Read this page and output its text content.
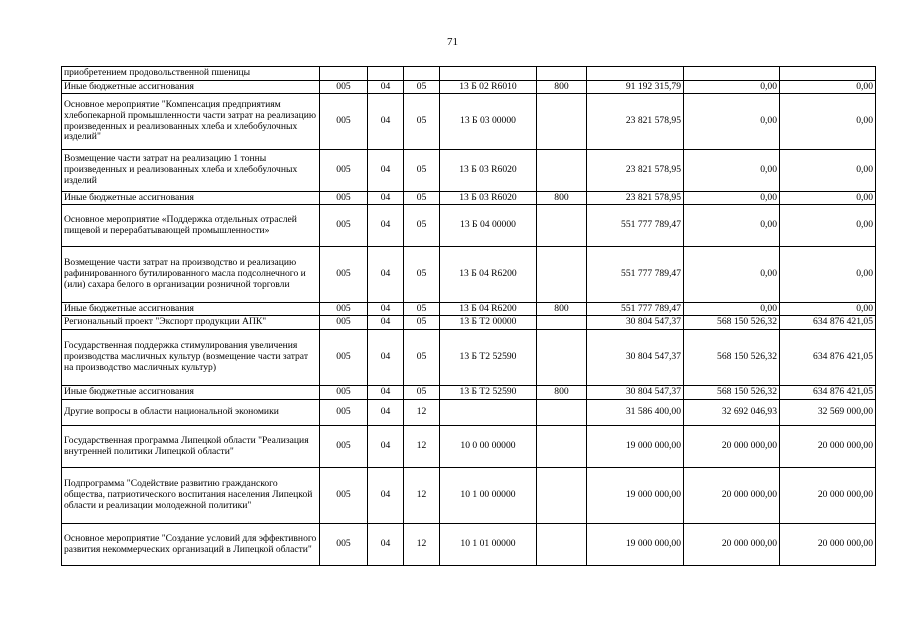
71
приобретением продовольственной пшеницы								
Иные бюджетные ассигнования	005	04	05	13 Б 02 R6010	800	91 192 315,79	0,00	0,00
Основное мероприятие "Компенсация предприятиям хлебопекарной промышленности части затрат на реализацию произведенных и реализованных хлеба и хлебобулочных изделий"	005	04	05	13 Б 03 00000		23 821 578,95	0,00	0,00
Возмещение части затрат на реализацию 1 тонны произведенных и реализованных хлеба и хлебобулочных изделий	005	04	05	13 Б 03 R6020		23 821 578,95	0,00	0,00
Иные бюджетные ассигнования	005	04	05	13 Б 03 R6020	800	23 821 578,95	0,00	0,00
Основное мероприятие «Поддержка отдельных отраслей пищевой и перерабатывающей промышленности»	005	04	05	13 Б 04 00000		551 777 789,47	0,00	0,00
Возмещение части затрат на производство и реализацию рафинированного бутилированного масла подсолнечного и (или) сахара белого в организации розничной торговли	005	04	05	13 Б 04 R6200		551 777 789,47	0,00	0,00
Иные бюджетные ассигнования	005	04	05	13 Б 04 R6200	800	551 777 789,47	0,00	0,00
Региональный проект "Экспорт продукции АПК"	005	04	05	13 Б T2 00000		30 804 547,37	568 150 526,32	634 876 421,05
Государственная поддержка стимулирования увеличения производства масличных культур (возмещение части затрат на производство масличных культур)	005	04	05	13 Б T2 52590		30 804 547,37	568 150 526,32	634 876 421,05
Иные бюджетные ассигнования	005	04	05	13 Б T2 52590	800	30 804 547,37	568 150 526,32	634 876 421,05
Другие вопросы в области национальной экономики	005	04	12			31 586 400,00	32 692 046,93	32 569 000,00
Государственная программа Липецкой области "Реализация внутренней политики Липецкой области"	005	04	12	10 0 00 00000		19 000 000,00	20 000 000,00	20 000 000,00
Подпрограмма "Содействие развитию гражданского общества, патриотического воспитания населения Липецкой области и реализации молодежной политики"	005	04	12	10 1 00 00000		19 000 000,00	20 000 000,00	20 000 000,00
Основное мероприятие "Создание условий для эффективного развития некоммерческих организаций в Липецкой области"	005	04	12	10 1 01 00000		19 000 000,00	20 000 000,00	20 000 000,00
